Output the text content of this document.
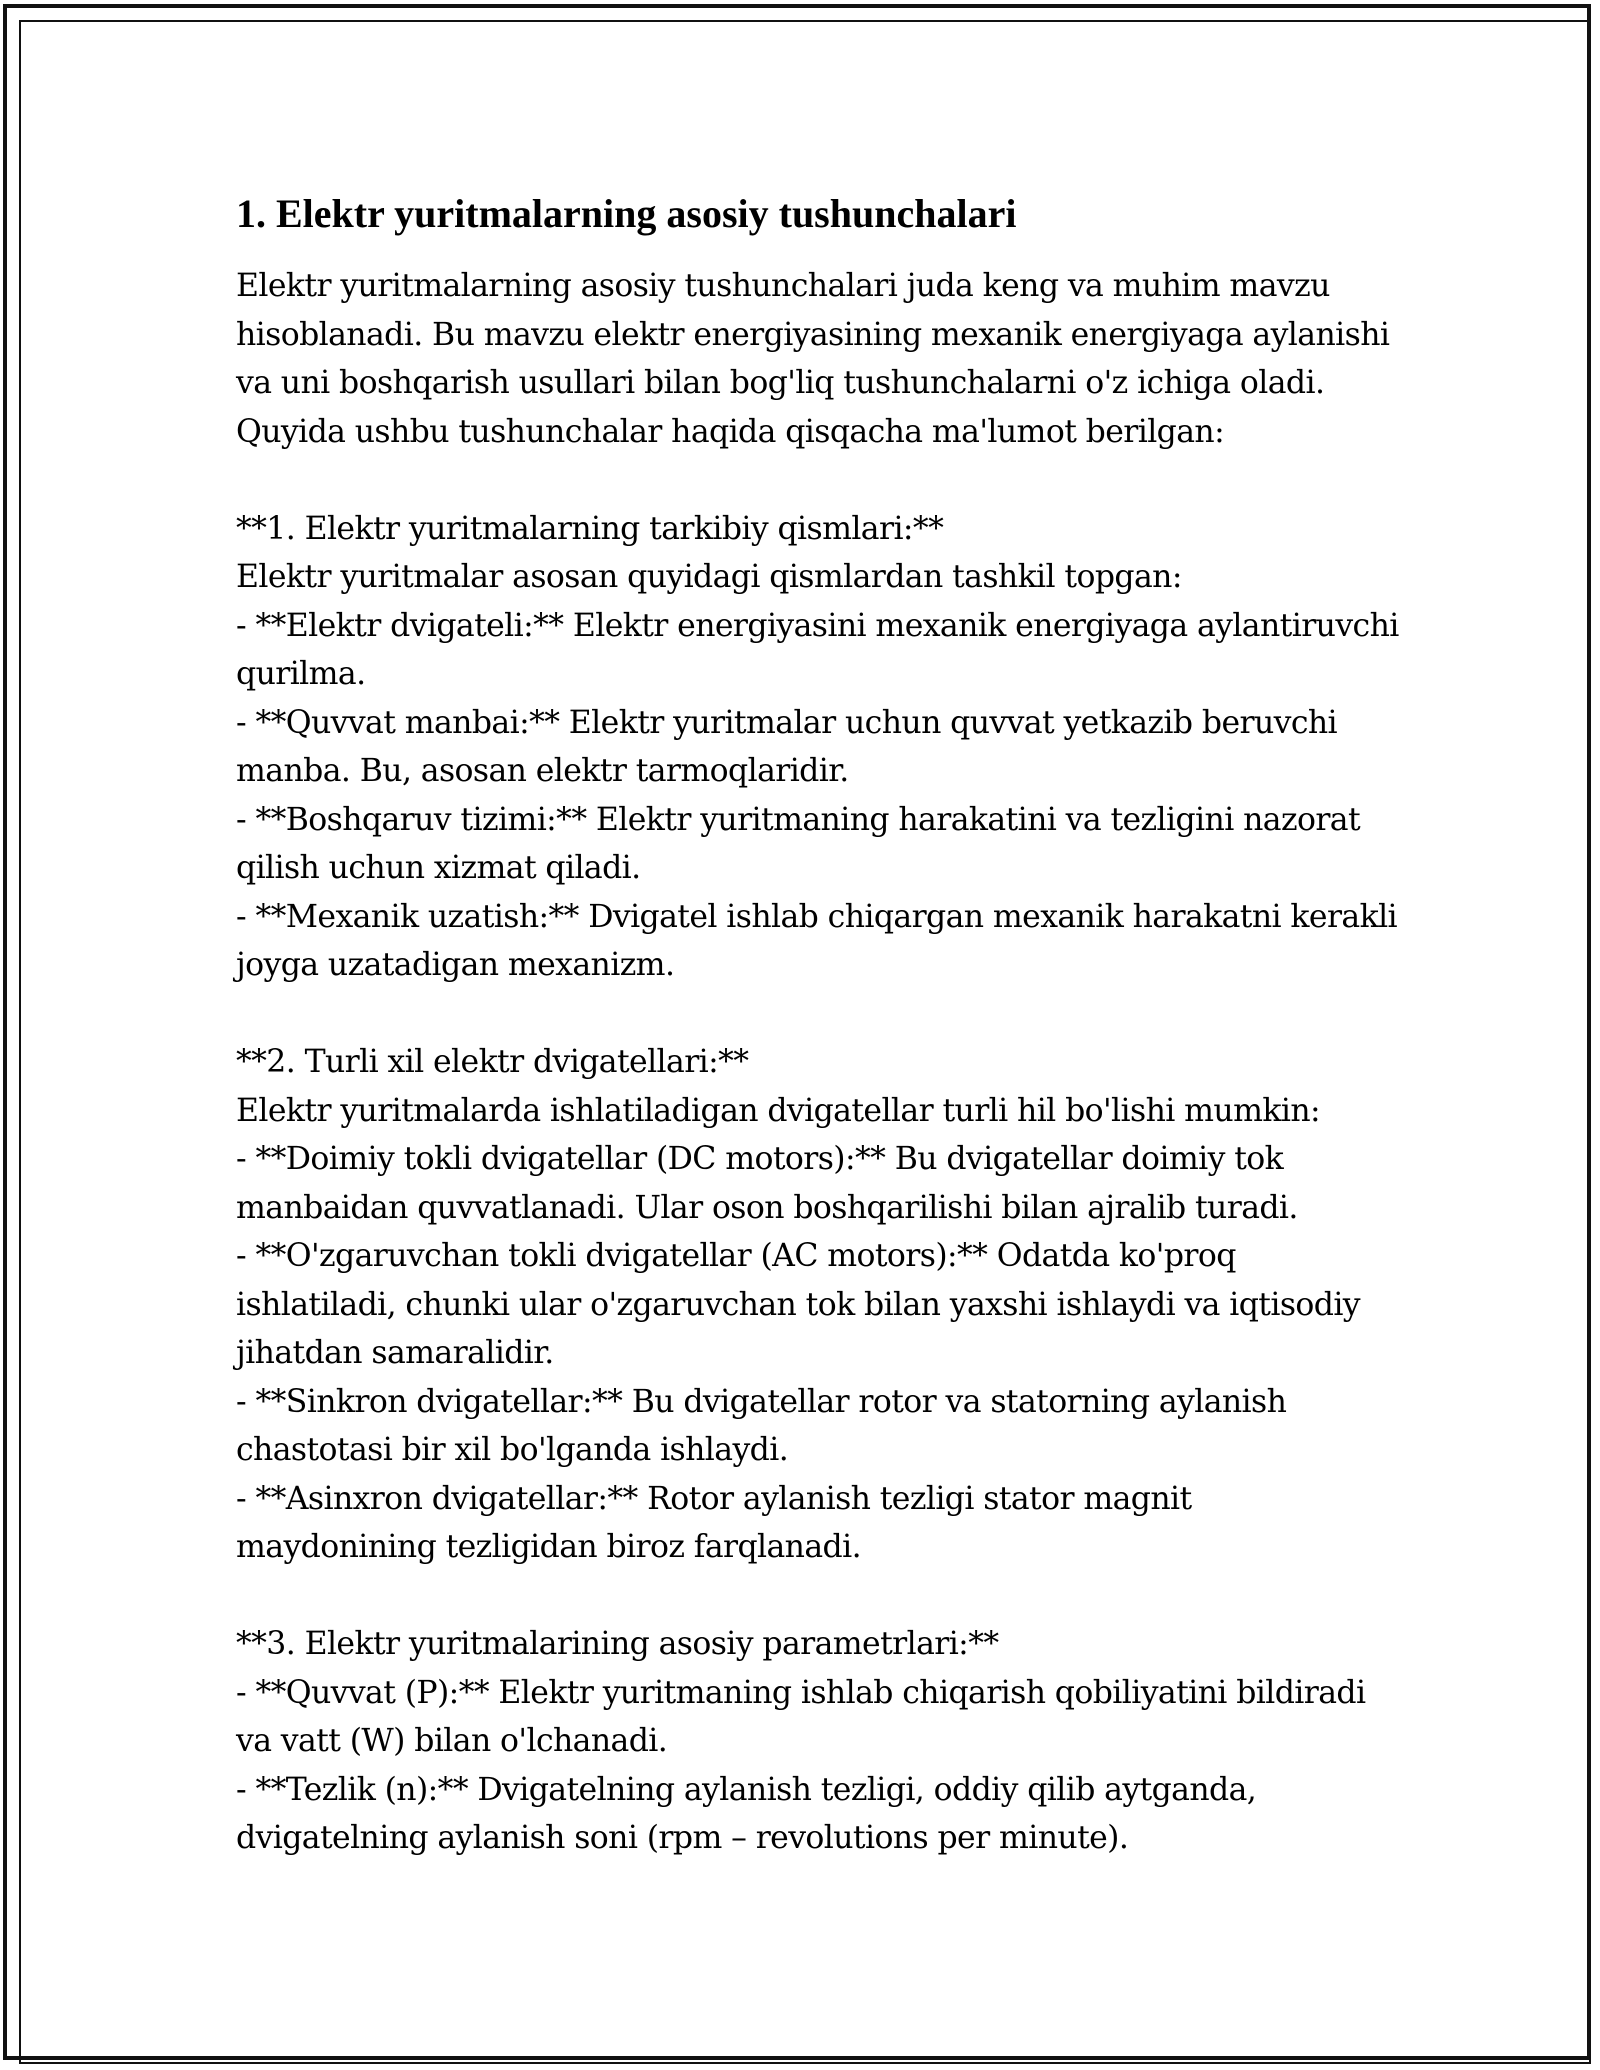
1. Elektr yuritmalarning asosiy tushunchalari
Elektr yuritmalarning asosiy tushunchalari juda keng va muhim mavzu
hisoblanadi. Bu mavzu elektr energiyasining mexanik energiyaga aylanishi
va uni boshqarish usullari bilan bog'liq tushunchalarni o'z ichiga oladi.
Quyida ushbu tushunchalar haqida qisqacha ma'lumot berilgan:
**1. Elektr yuritmalarning tarkibiy qismlari:**
Elektr yuritmalar asosan quyidagi qismlardan tashkil topgan:
- **Elektr dvigateli:** Elektr energiyasini mexanik energiyaga aylantiruvchi
qurilma.
- **Quvvat manbai:** Elektr yuritmalar uchun quvvat yetkazib beruvchi
manba. Bu, asosan elektr tarmoqlaridir.
- **Boshqaruv tizimi:** Elektr yuritmaning harakatini va tezligini nazorat
qilish uchun xizmat qiladi.
- **Mexanik uzatish:** Dvigatel ishlab chiqargan mexanik harakatni kerakli
joyga uzatadigan mexanizm.
**2. Turli xil elektr dvigatellari:**
Elektr yuritmalarda ishlatiladigan dvigatellar turli hil bo'lishi mumkin:
- **Doimiy tokli dvigatellar (DC motors):** Bu dvigatellar doimiy tok
manbaidan quvvatlanadi. Ular oson boshqarilishi bilan ajralib turadi.
- **O'zgaruvchan tokli dvigatellar (AC motors):** Odatda ko'proq
ishlatiladi, chunki ular o'zgaruvchan tok bilan yaxshi ishlaydi va iqtisodiy
jihatdan samaralidir.
- **Sinkron dvigatellar:** Bu dvigatellar rotor va statorning aylanish
chastotasi bir xil bo'lganda ishlaydi.
- **Asinxron dvigatellar:** Rotor aylanish tezligi stator magnit
maydonining tezligidan biroz farqlanadi.
**3. Elektr yuritmalarining asosiy parametrlari:**
- **Quvvat (P):** Elektr yuritmaning ishlab chiqarish qobiliyatini bildiradi
va vatt (W) bilan o'lchanadi.
- **Tezlik (n):** Dvigatelning aylanish tezligi, oddiy qilib aytganda,
dvigatelning aylanish soni (rpm – revolutions per minute).
